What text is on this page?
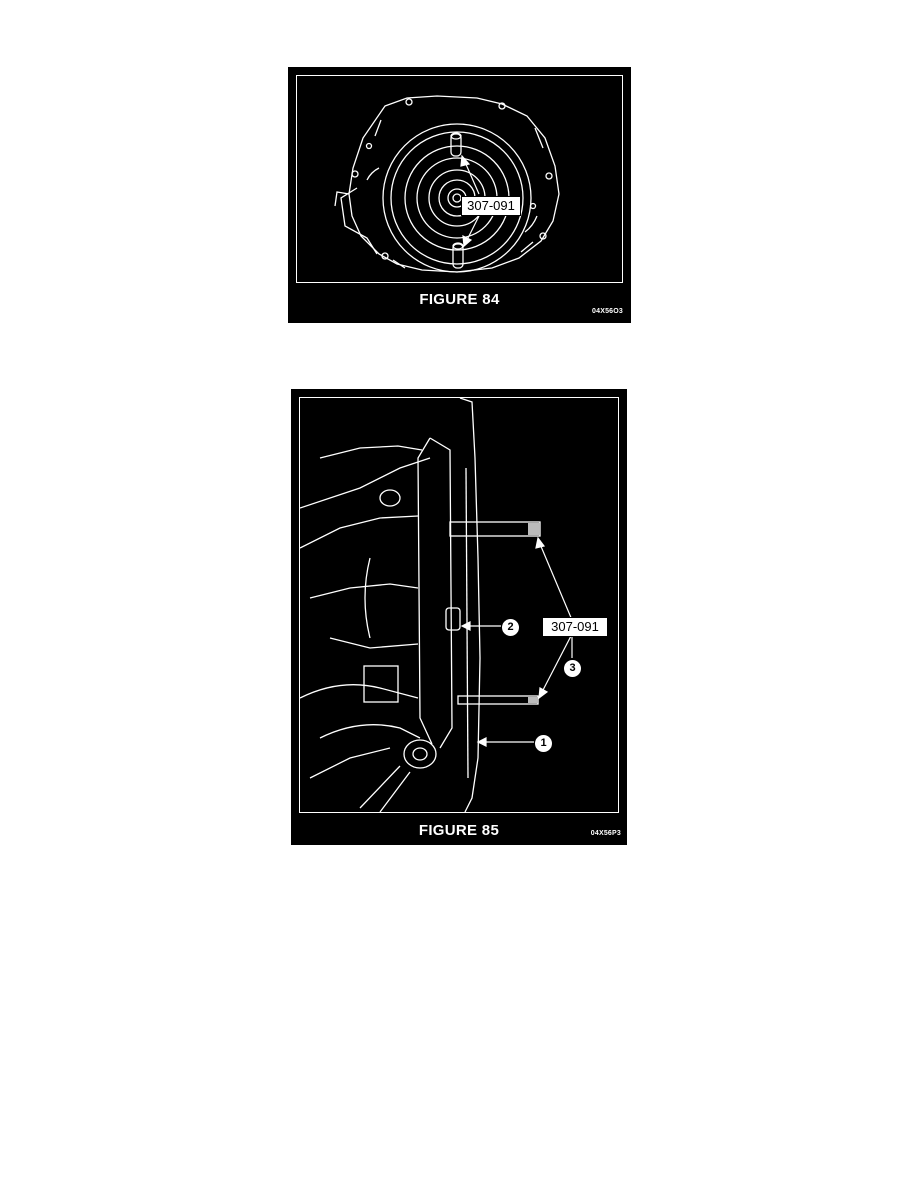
307-091
04X56O3
FIGURE 84
307-091
1
2
3
04X56P3
FIGURE 85
